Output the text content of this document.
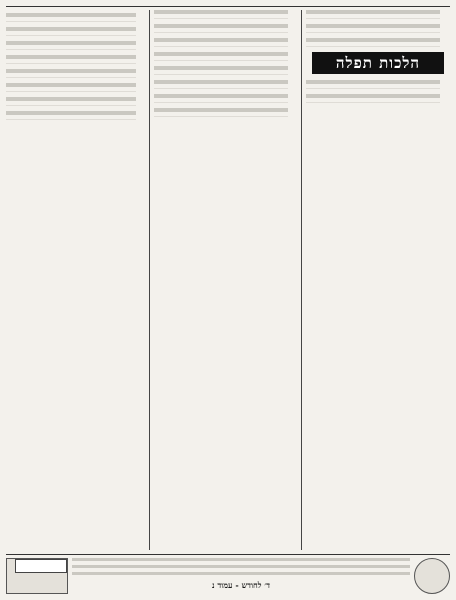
הלכות תפלה
ד׳ לחודש - עמוד נ
